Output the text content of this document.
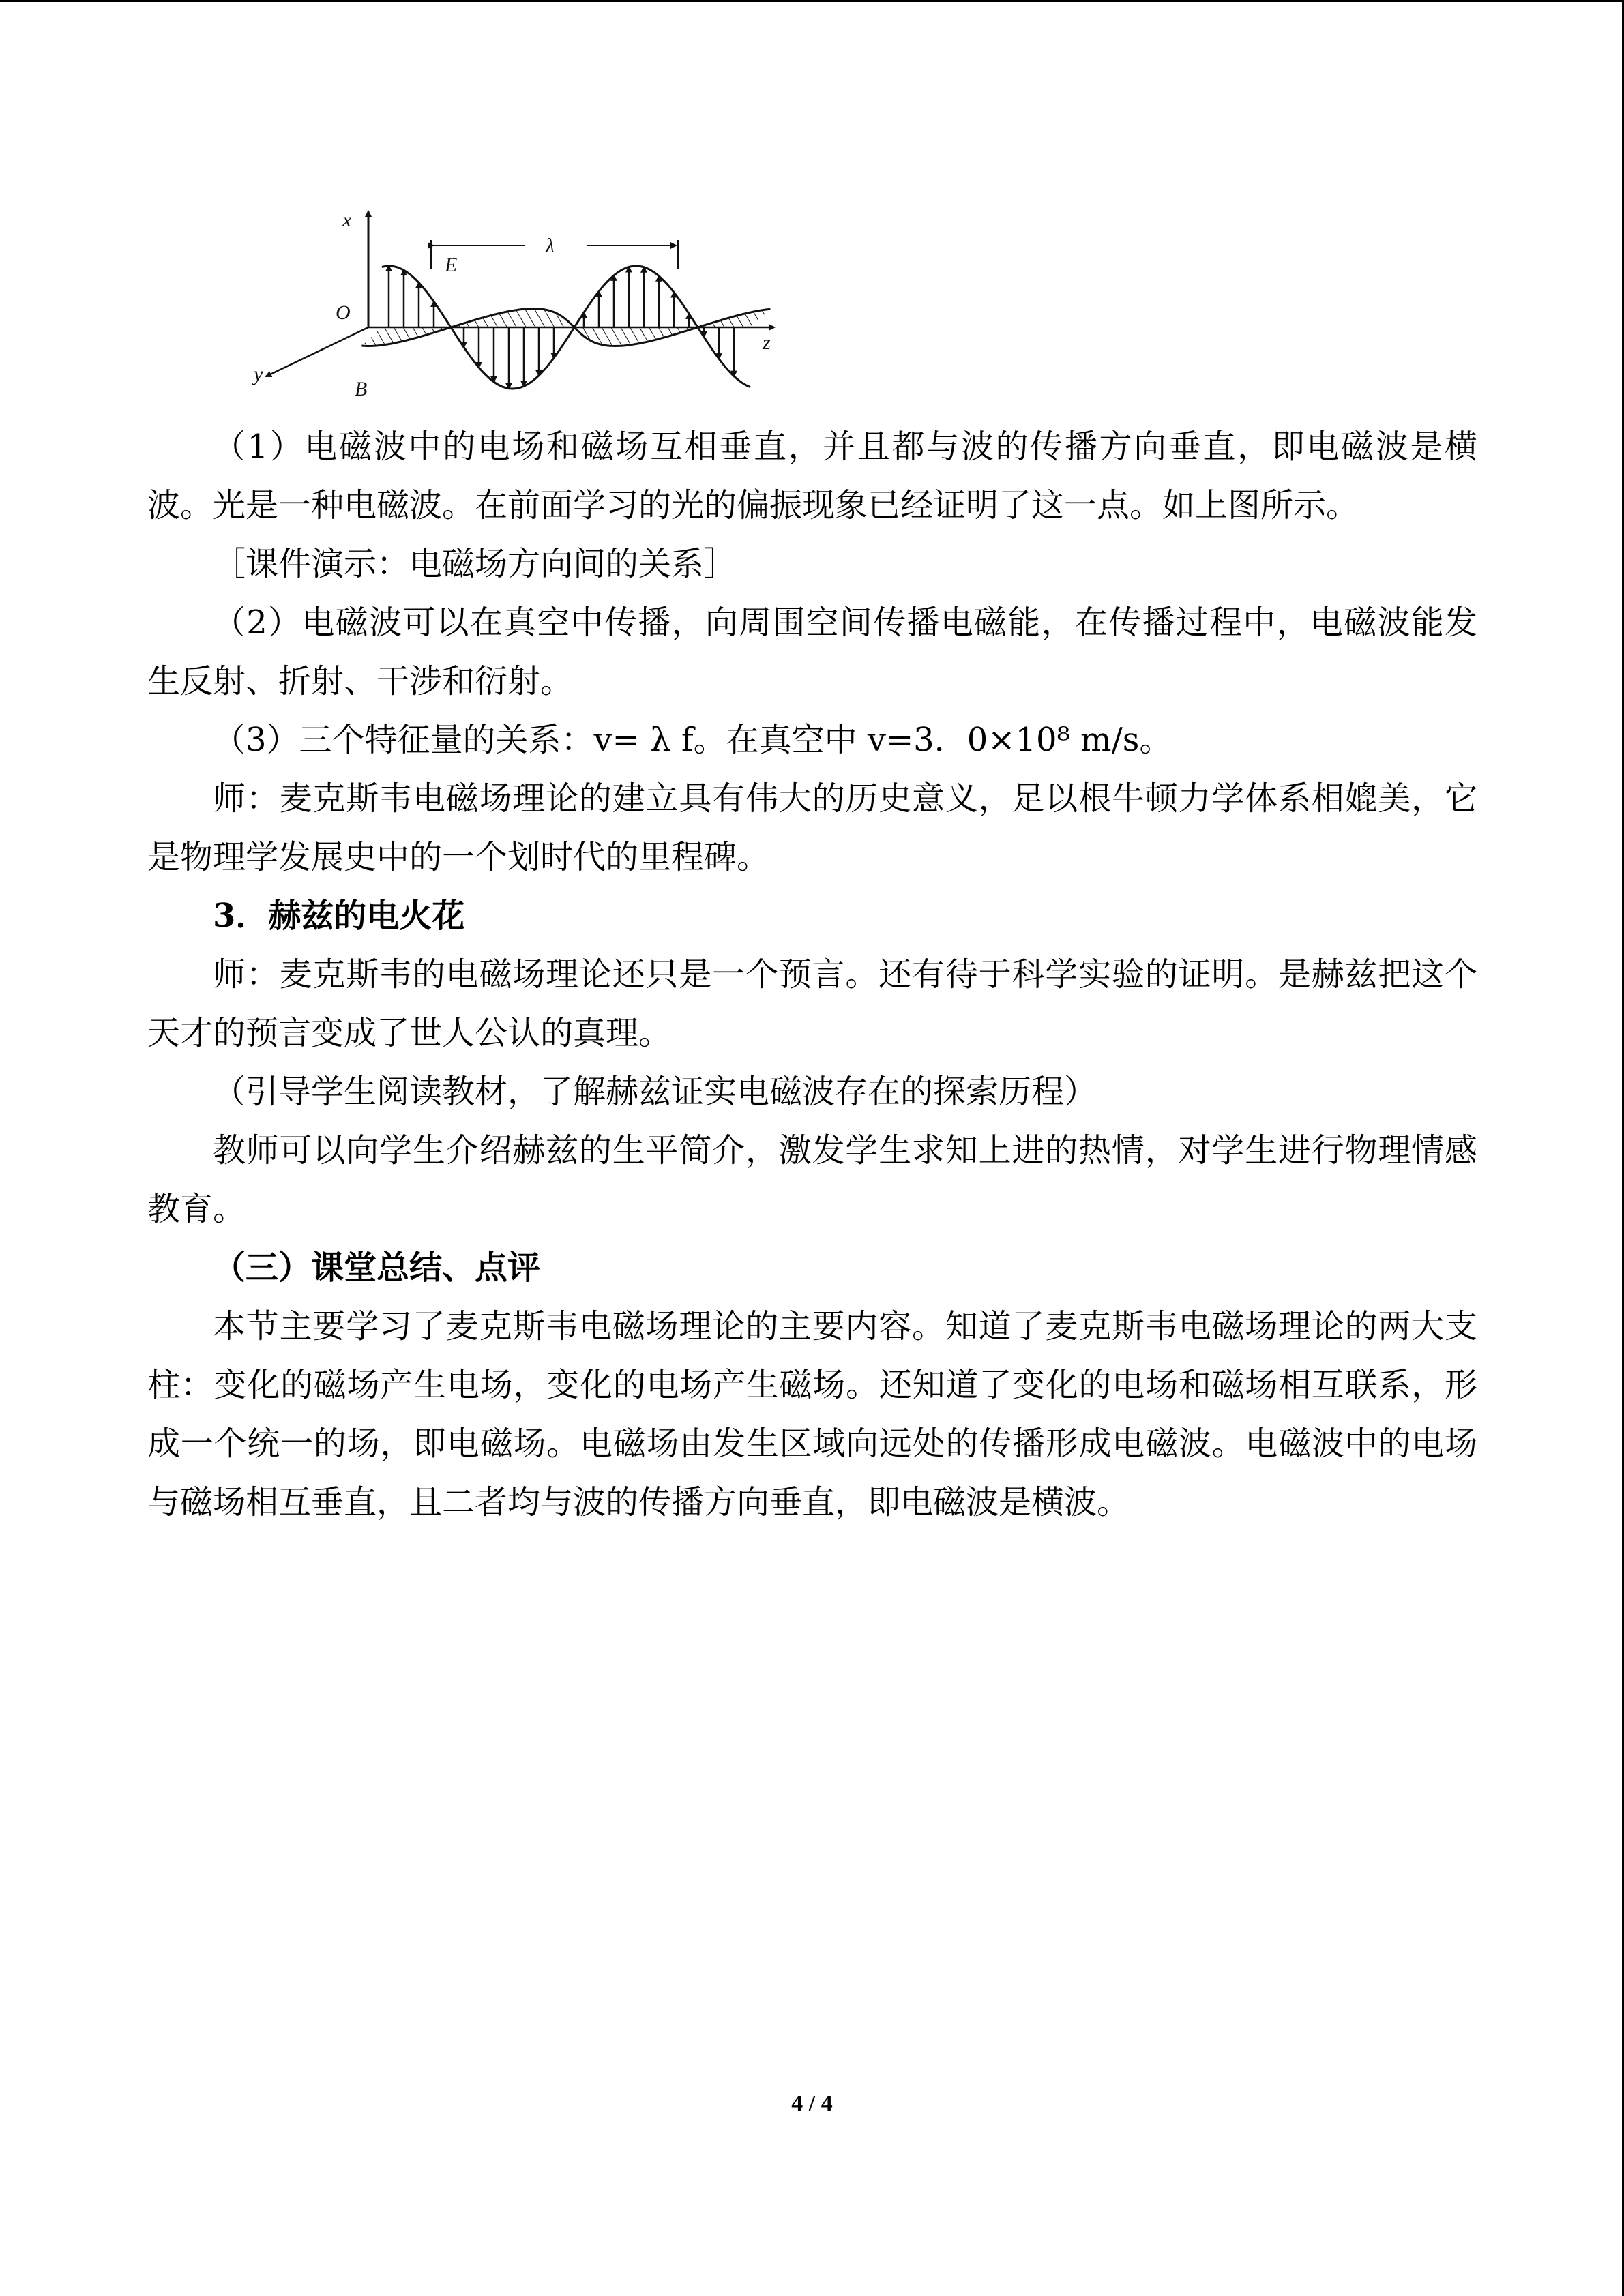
x
O
E
λ
y
B
z

（1）电磁波中的电场和磁场互相垂直，并且都与波的传播方向垂直，即电磁波是横波。光是一种电磁波。在前面学习的光的偏振现象已经证明了这一点。如上图所示。

［课件演示：电磁场方向间的关系］

（2）电磁波可以在真空中传播，向周围空间传播电磁能，在传播过程中，电磁波能发生反射、折射、干涉和衍射。

（3）三个特征量的关系：v= λ f。在真空中 v=3．0×10⁸ m/s。

师：麦克斯韦电磁场理论的建立具有伟大的历史意义，足以根牛顿力学体系相媲美，它是物理学发展史中的一个划时代的里程碑。

3．赫兹的电火花

师：麦克斯韦的电磁场理论还只是一个预言。还有待于科学实验的证明。是赫兹把这个天才的预言变成了世人公认的真理。

（引导学生阅读教材，了解赫兹证实电磁波存在的探索历程）

教师可以向学生介绍赫兹的生平简介，激发学生求知上进的热情，对学生进行物理情感教育。

（三）课堂总结、点评

本节主要学习了麦克斯韦电磁场理论的主要内容。知道了麦克斯韦电磁场理论的两大支柱：变化的磁场产生电场，变化的电场产生磁场。还知道了变化的电场和磁场相互联系，形成一个统一的场，即电磁场。电磁场由发生区域向远处的传播形成电磁波。电磁波中的电场与磁场相互垂直，且二者均与波的传播方向垂直，即电磁波是横波。

4 / 4
